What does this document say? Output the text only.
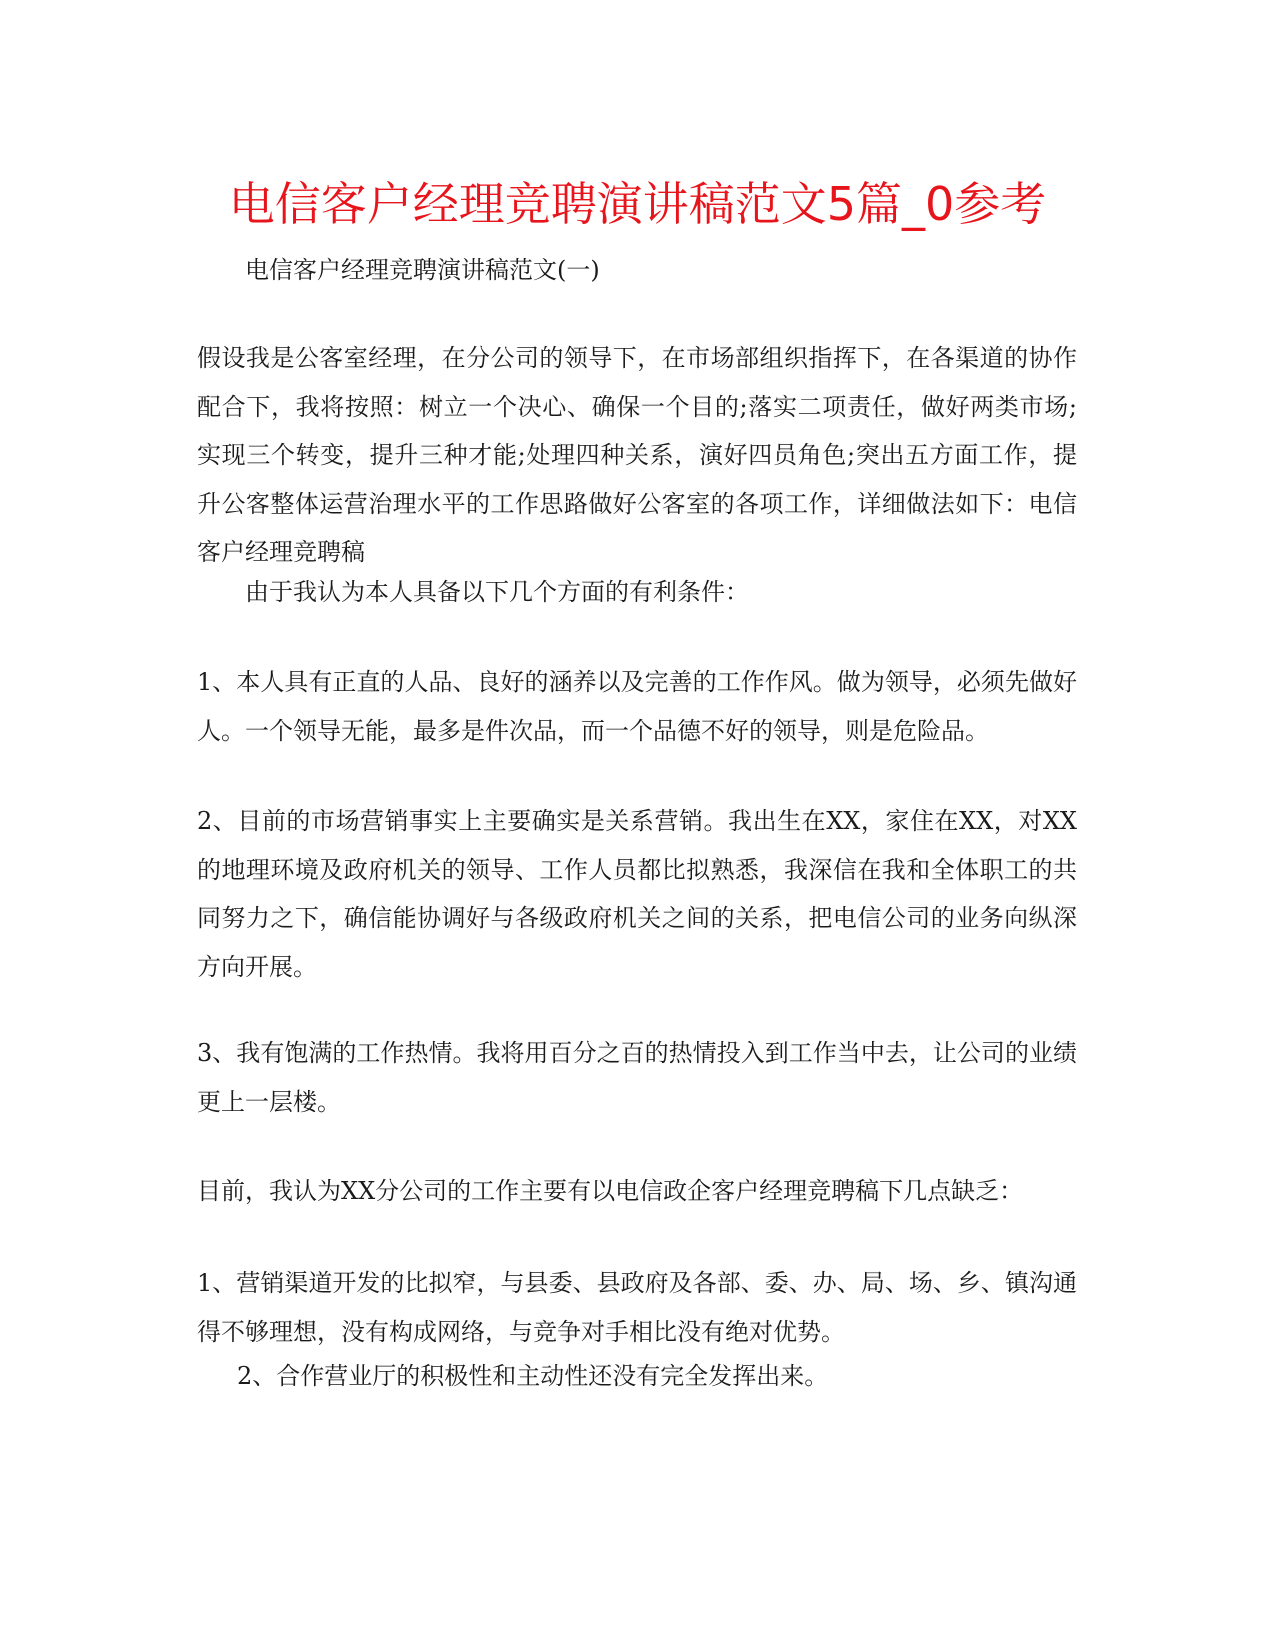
电信客户经理竞聘演讲稿范文5篇_0参考

电信客户经理竞聘演讲稿范文(一)

假设我是公客室经理，在分公司的领导下，在市场部组织指挥下，在各渠道的协作配合下，我将按照：树立一个决心、确保一个目的;落实二项责任，做好两类市场;实现三个转变，提升三种才能;处理四种关系，演好四员角色;突出五方面工作，提升公客整体运营治理水平的工作思路做好公客室的各项工作，详细做法如下：电信客户经理竞聘稿

由于我认为本人具备以下几个方面的有利条件：

1、本人具有正直的人品、良好的涵养以及完善的工作作风。做为领导，必须先做好人。一个领导无能，最多是件次品，而一个品德不好的领导，则是危险品。

2、目前的市场营销事实上主要确实是关系营销。我出生在XX，家住在XX，对XX的地理环境及政府机关的领导、工作人员都比拟熟悉，我深信在我和全体职工的共同努力之下，确信能协调好与各级政府机关之间的关系，把电信公司的业务向纵深方向开展。

3、我有饱满的工作热情。我将用百分之百的热情投入到工作当中去，让公司的业绩更上一层楼。

目前，我认为XX分公司的工作主要有以电信政企客户经理竞聘稿下几点缺乏：

1、营销渠道开发的比拟窄，与县委、县政府及各部、委、办、局、场、乡、镇沟通得不够理想，没有构成网络，与竞争对手相比没有绝对优势。

2、合作营业厅的积极性和主动性还没有完全发挥出来。
